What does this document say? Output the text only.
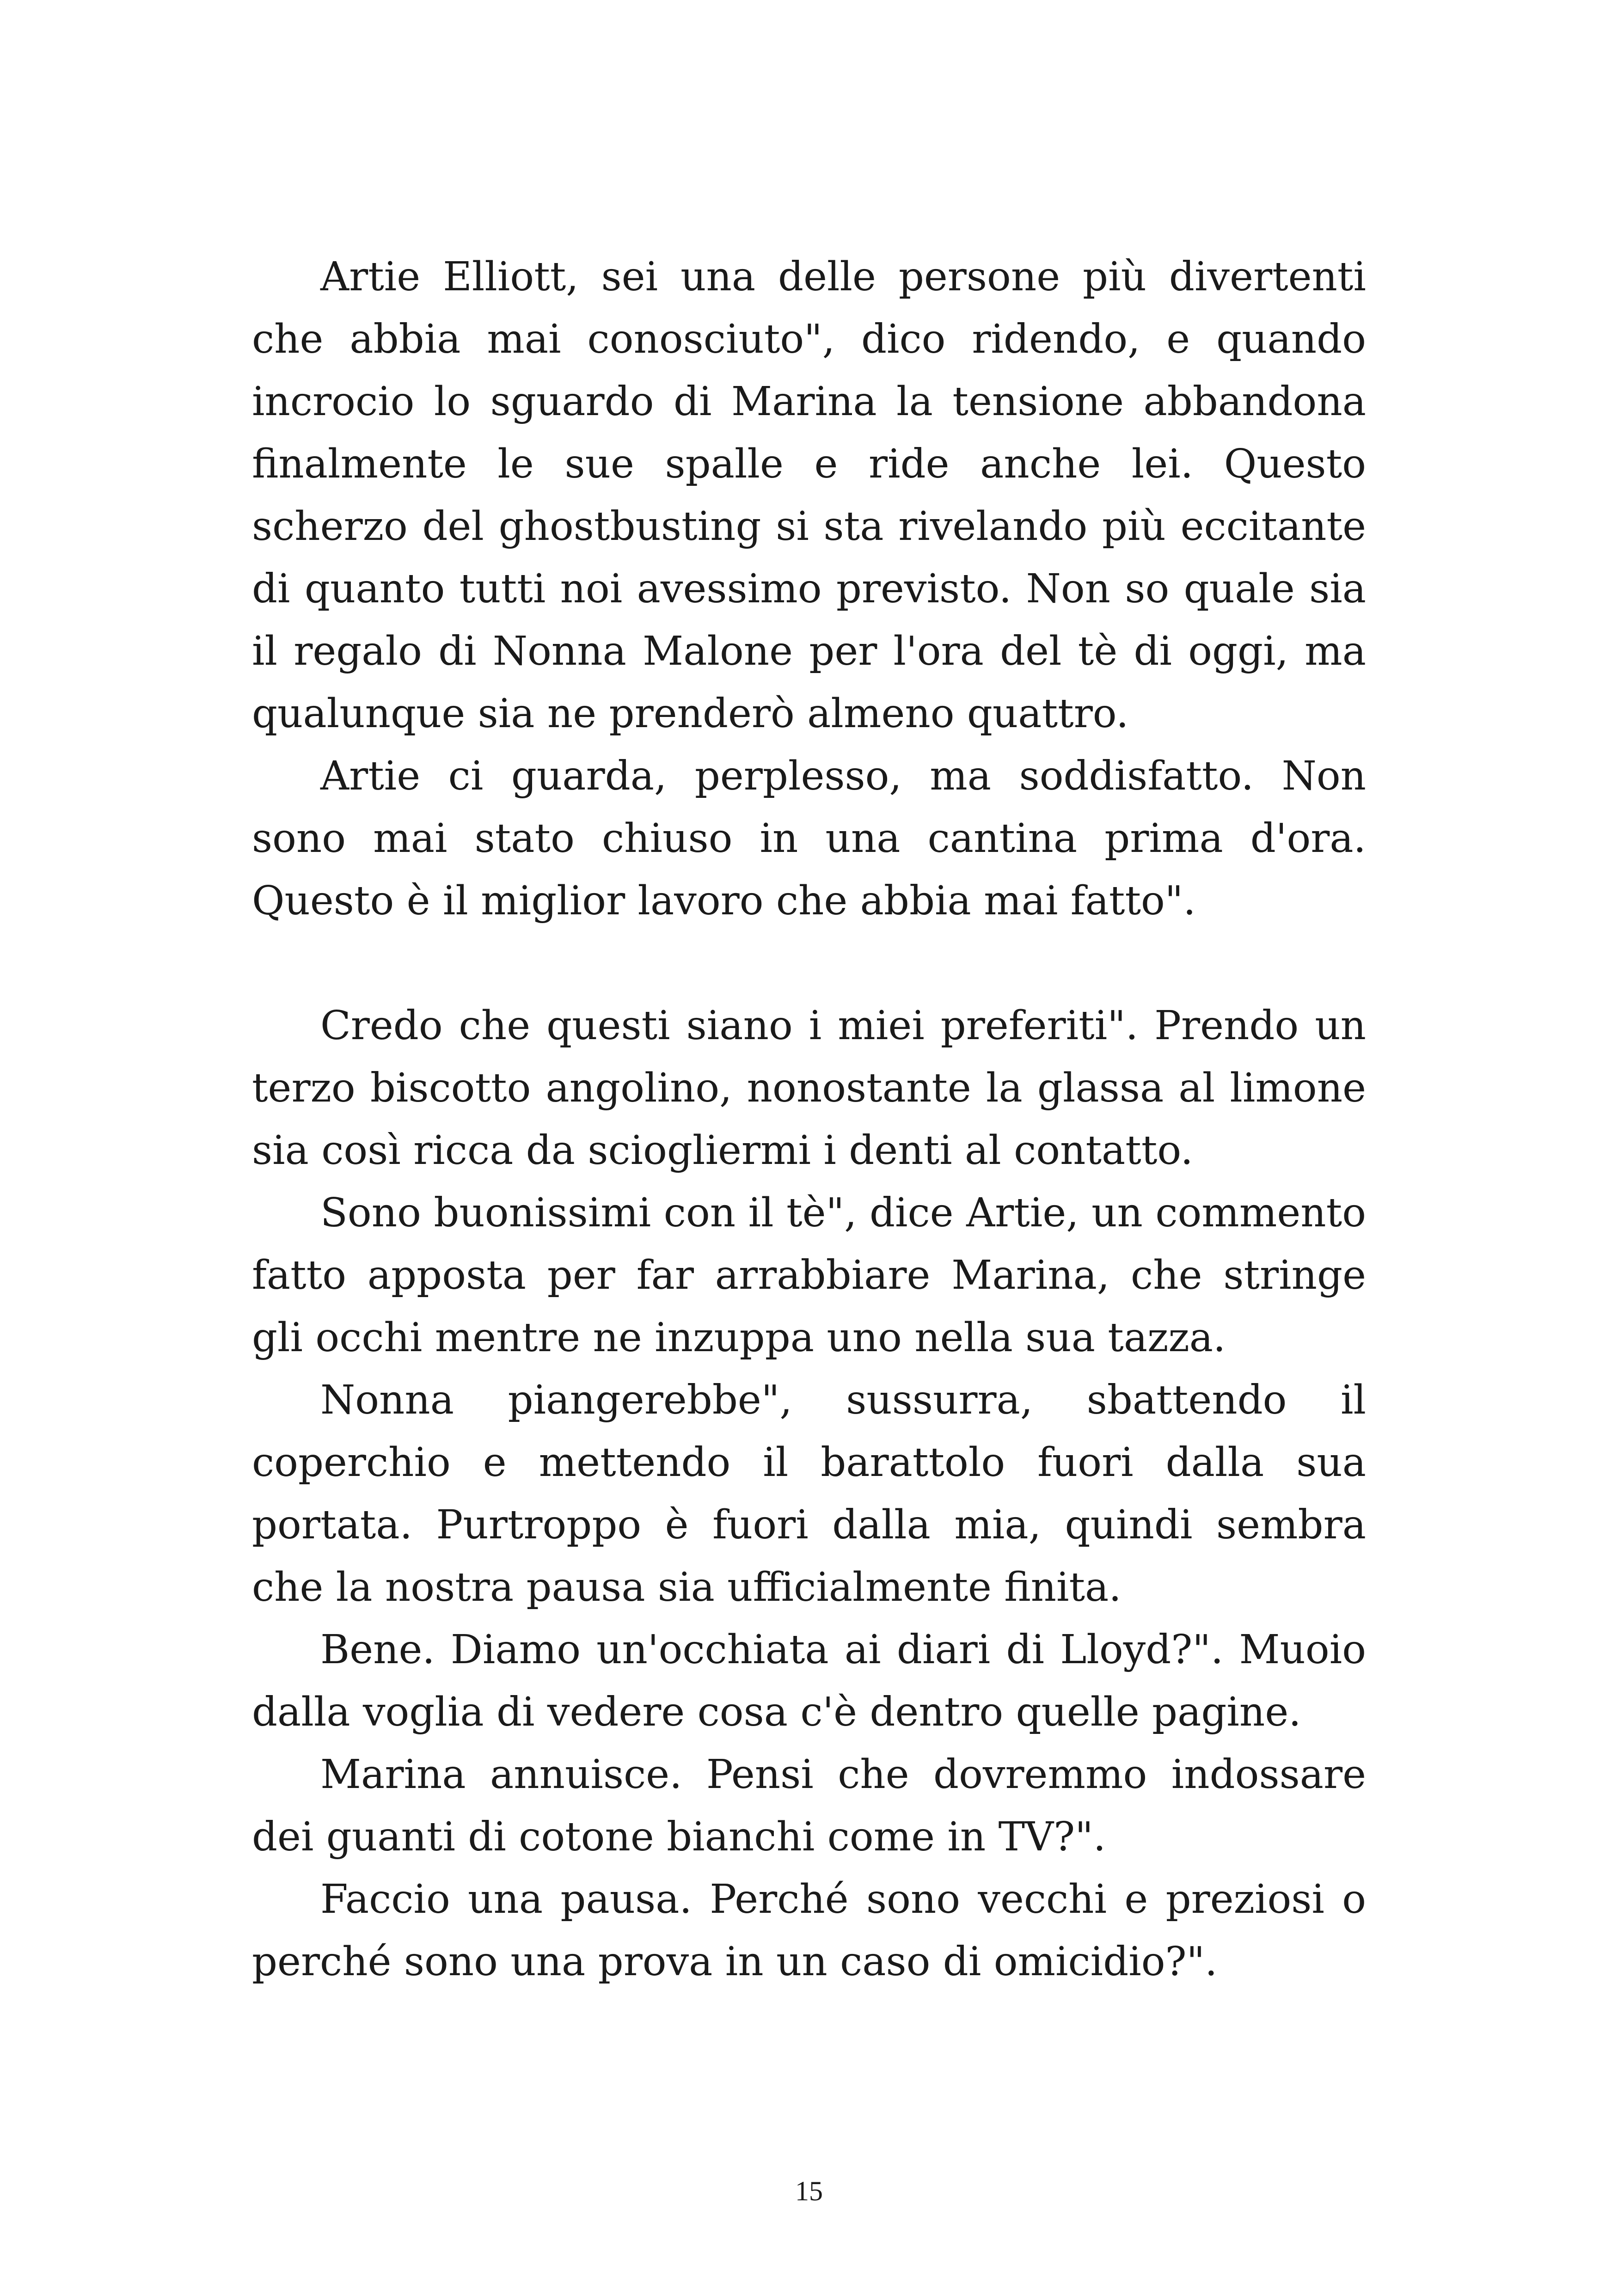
Artie Elliott, sei una delle persone più divertenti che abbia mai conosciuto", dico ridendo, e quando incrocio lo sguardo di Marina la tensione abbandona finalmente le sue spalle e ride anche lei. Questo scherzo del ghostbusting si sta rivelando più eccitante di quanto tutti noi avessimo previsto. Non so quale sia il regalo di Nonna Malone per l'ora del tè di oggi, ma qualunque sia ne prenderò almeno quattro.

Artie ci guarda, perplesso, ma soddisfatto. Non sono mai stato chiuso in una cantina prima d'ora. Questo è il miglior lavoro che abbia mai fatto".

Credo che questi siano i miei preferiti". Prendo un terzo biscotto angolino, nonostante la glassa al limone sia così ricca da sciogliermi i denti al contatto.

Sono buonissimi con il tè", dice Artie, un commento fatto apposta per far arrabbiare Marina, che stringe gli occhi mentre ne inzuppa uno nella sua tazza.

Nonna piangerebbe", sussurra, sbattendo il coperchio e mettendo il barattolo fuori dalla sua portata. Purtroppo è fuori dalla mia, quindi sembra che la nostra pausa sia ufficialmente finita.

Bene. Diamo un'occhiata ai diari di Lloyd?". Muoio dalla voglia di vedere cosa c'è dentro quelle pagine.

Marina annuisce. Pensi che dovremmo indossare dei guanti di cotone bianchi come in TV?".

Faccio una pausa. Perché sono vecchi e preziosi o perché sono una prova in un caso di omicidio?".

15
